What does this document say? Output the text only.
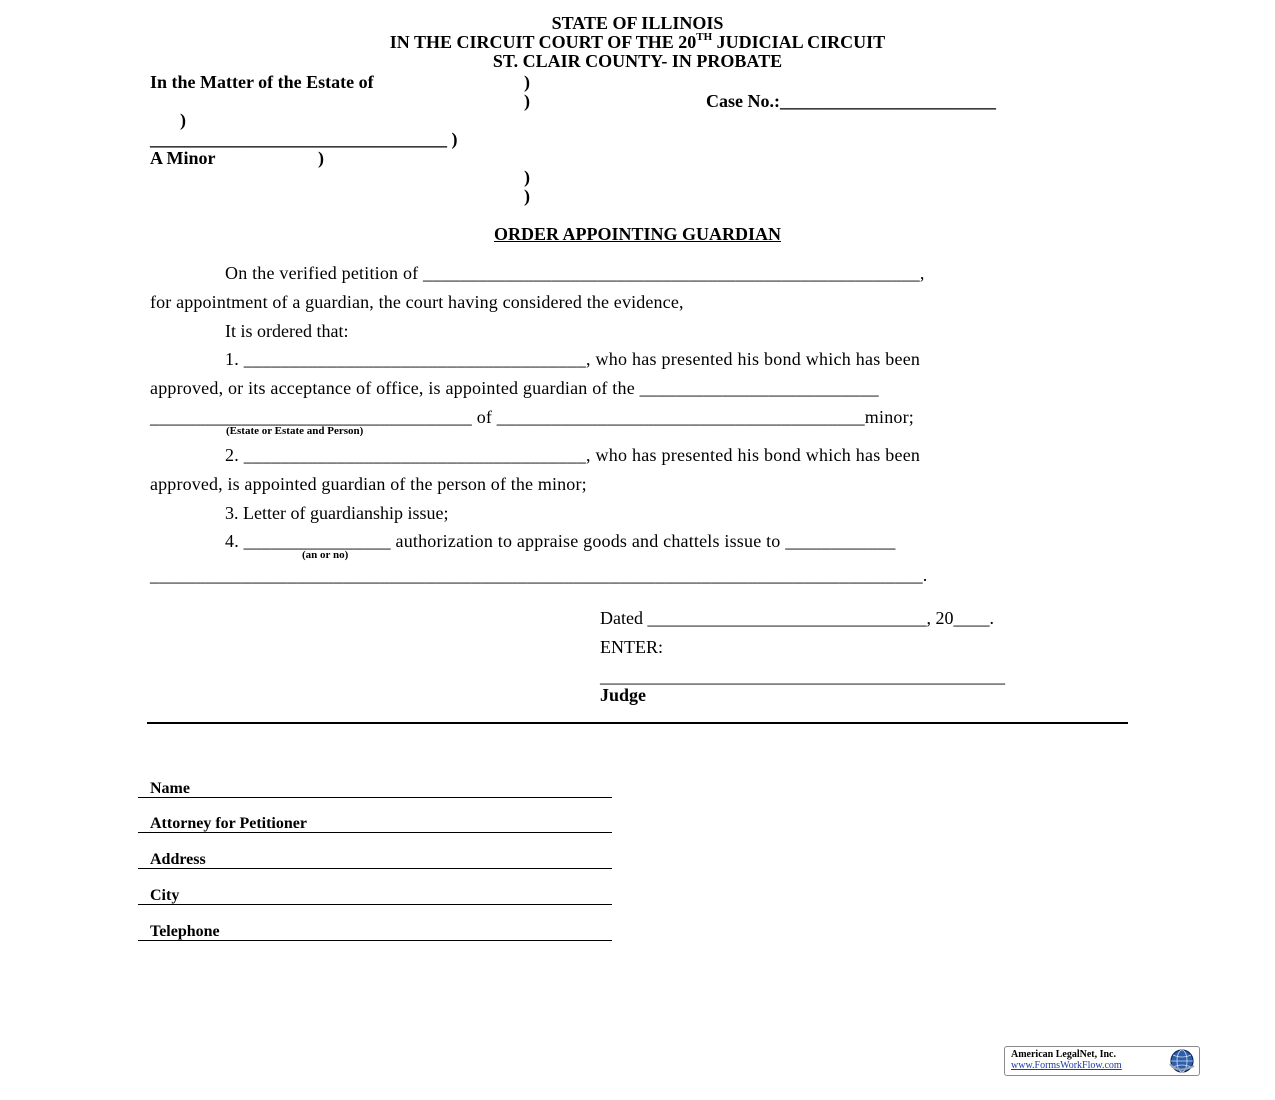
STATE OF ILLINOIS
IN THE CIRCUIT COURT OF THE 20TH JUDICIAL CIRCUIT
ST. CLAIR COUNTY- IN PROBATE
In the Matter of the Estate of	)
)	Case No.:________________________
)
_________________________________ )
A Minor	)
)
)
ORDER APPOINTING GUARDIAN
On the verified petition of ______________________________________________________,
for appointment of a guardian, the court having considered the evidence,
It is ordered that:
1. _____________________________________, who has presented his bond which has been
approved, or its acceptance of office, is appointed guardian of the __________________________
___________________________________ of ________________________________________minor;
(Estate or Estate and Person)
2. _____________________________________, who has presented his bond which has been
approved, is appointed guardian of the person of the minor;
3. Letter of guardianship issue;
4. ________________ authorization to appraise goods and chattels issue to ____________
(an or no)
____________________________________________________________________________________.
Dated _______________________________, 20____.
ENTER:
_____________________________________________
Judge
Name
Attorney for Petitioner
Address
City
Telephone
American LegalNet, Inc.
www.FormsWorkFlow.com
